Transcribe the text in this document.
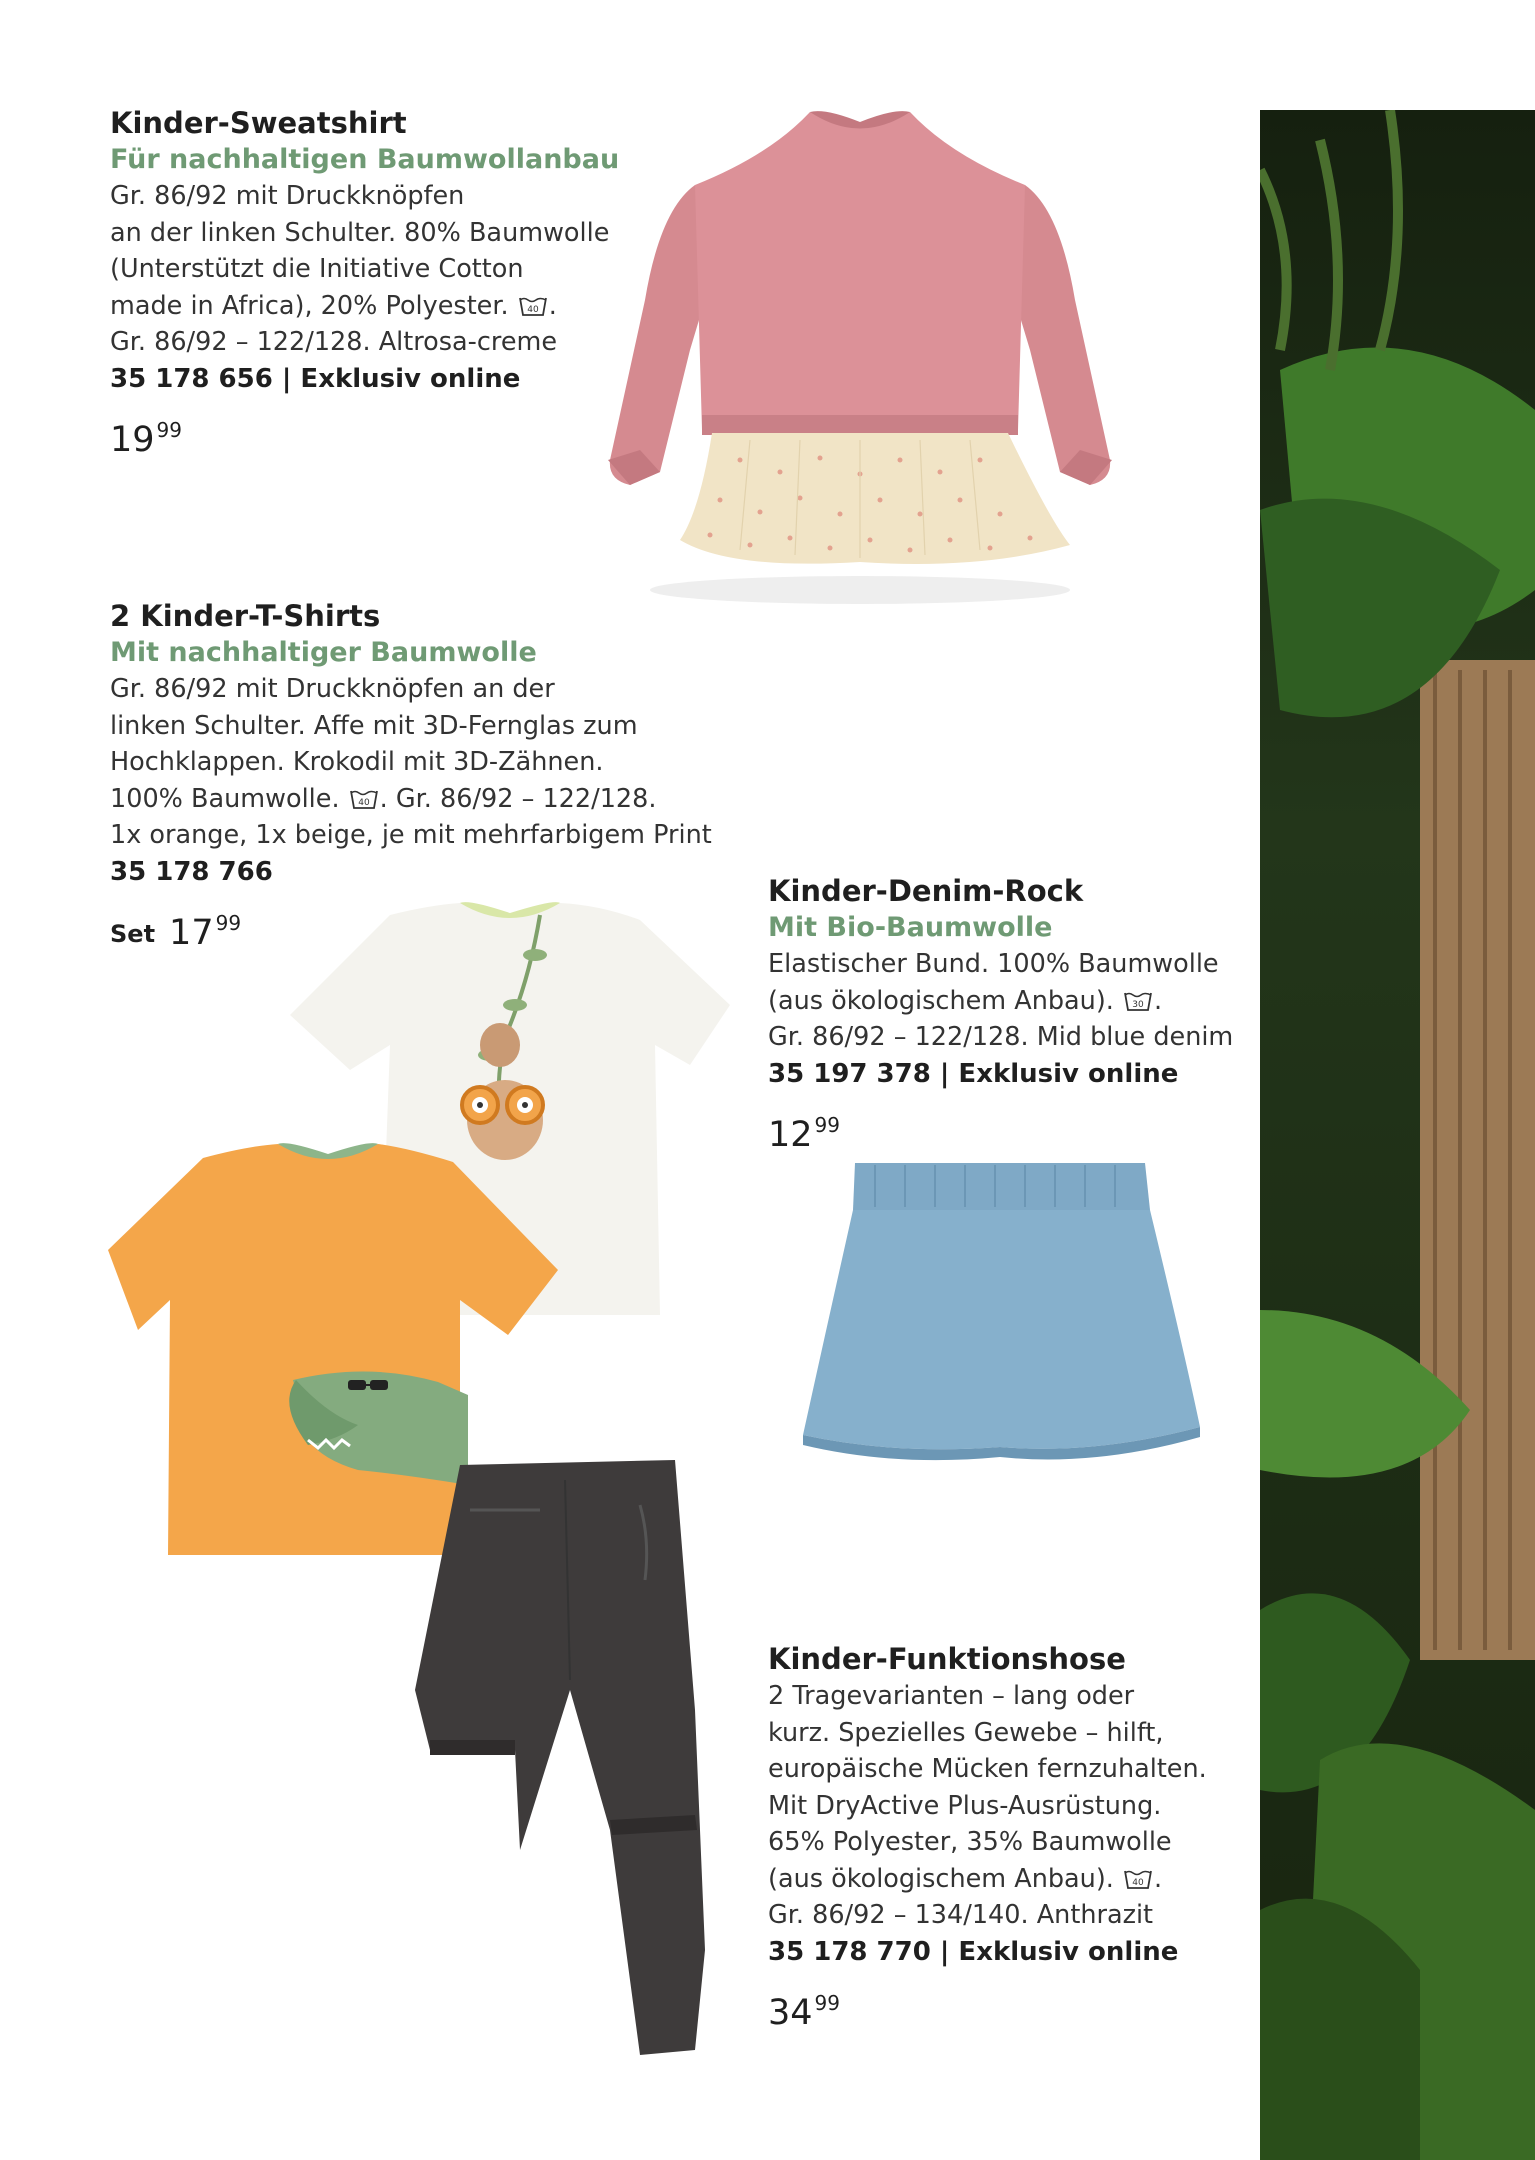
Kinder-Sweatshirt
Für nachhaltigen Baumwollanbau
Gr. 86/92 mit Druckknöpfen
an der linken Schulter. 80% Baumwolle
(Unterstützt die Initiative Cotton
made in Africa), 20% Polyester. 40 .
Gr. 86/92 – 122/128. Altrosa-creme
35 178 656 | Exklusiv online
19 $^{99}$
2 Kinder-T-Shirts
Mit nachhaltiger Baumwolle
Gr. 86/92 mit Druckknöpfen an der
linken Schulter. Affe mit 3D-Fernglas zum
Hochklappen. Krokodil mit 3D-Zähnen.
100% Baumwolle. 40 . Gr. 86/92 – 122/128.
1x orange, 1x beige, je mit mehrfarbigem Print
35 178 766
Set 17 $^{99}$
Kinder-Denim-Rock
Mit Bio-Baumwolle
Elastischer Bund. 100% Baumwolle
(aus ökologischem Anbau). 30 .
Gr. 86/92 – 122/128. Mid blue denim
35 197 378 | Exklusiv online
12 $^{99}$
Kinder-Funktionshose
2 Tragevarianten – lang oder
kurz. Spezielles Gewebe – hilft,
europäische Mücken fernzuhalten.
Mit DryActive Plus-Ausrüstung.
65% Polyester, 35% Baumwolle
(aus ökologischem Anbau). 40 .
Gr. 86/92 – 134/140. Anthrazit
35 178 770 | Exklusiv online
34 $^{99}$
